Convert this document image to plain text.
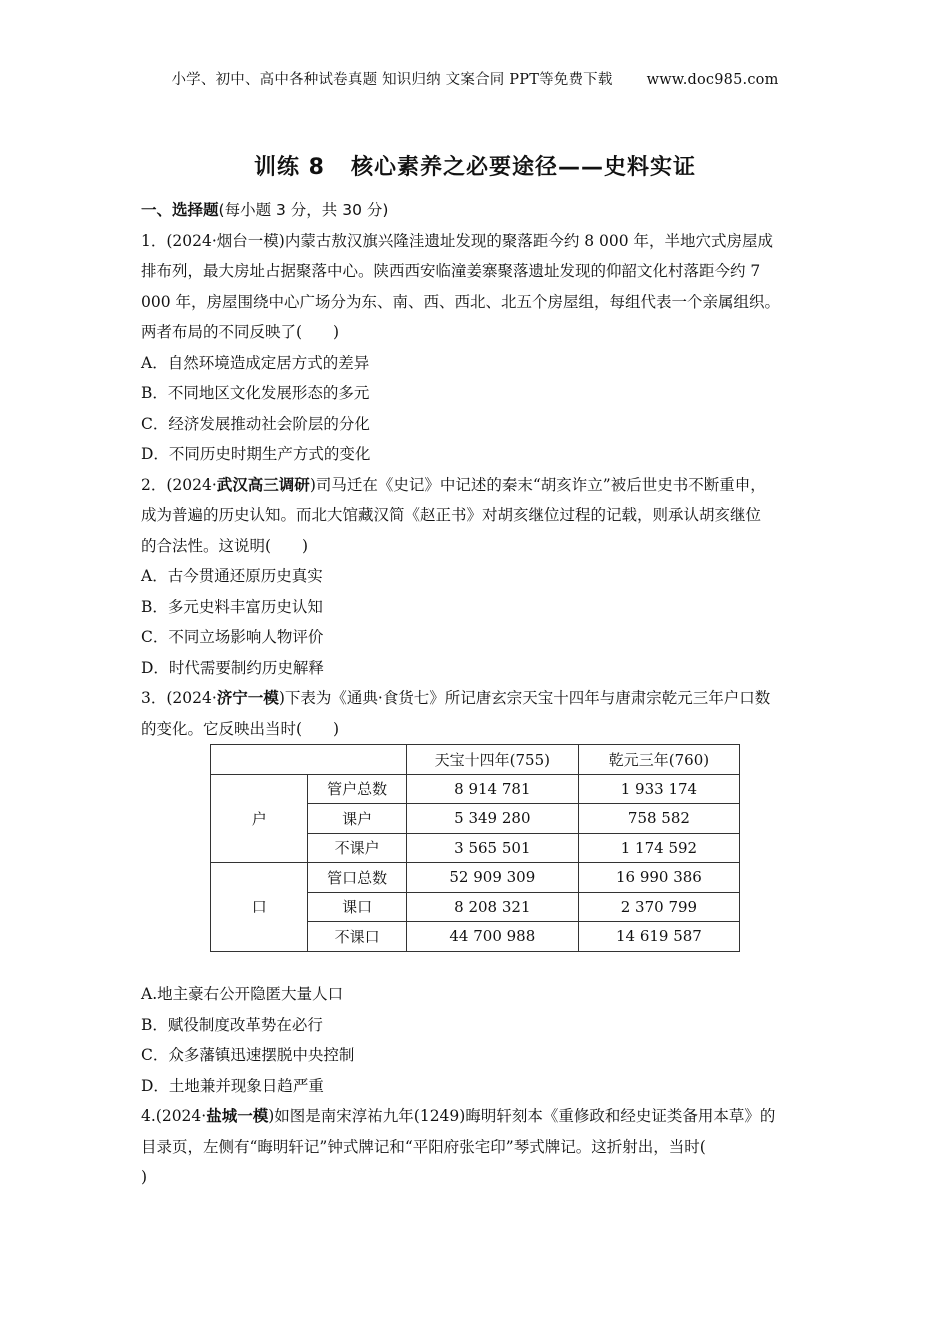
小学、初中、高中各种试卷真题 知识归纳 文案合同 PPT等免费下载 www.doc985.com
训练 8 核心素养之必要途径——史料实证
一、选择题(每小题 3 分，共 30 分)
1．(2024·烟台一模)内蒙古敖汉旗兴隆洼遗址发现的聚落距今约 8 000 年，半地穴式房屋成
排布列，最大房址占据聚落中心。陕西西安临潼姜寨聚落遗址发现的仰韶文化村落距今约 7
000 年，房屋围绕中心广场分为东、南、西、西北、北五个房屋组，每组代表一个亲属组织。
两者布局的不同反映了(　　)
A．自然环境造成定居方式的差异
B．不同地区文化发展形态的多元
C．经济发展推动社会阶层的分化
D．不同历史时期生产方式的变化
2．(2024·武汉高三调研)司马迁在《史记》中记述的秦末“胡亥诈立”被后世史书不断重申，
成为普遍的历史认知。而北大馆藏汉简《赵正书》对胡亥继位过程的记载，则承认胡亥继位
的合法性。这说明(　　)
A．古今贯通还原历史真实
B．多元史料丰富历史认知
C．不同立场影响人物评价
D．时代需要制约历史解释
3．(2024·济宁一模)下表为《通典·食货七》所记唐玄宗天宝十四年与唐肃宗乾元三年户口数
的变化。它反映出当时(　　)
		天宝十四年(755)	乾元三年(760)
户	管户总数	8 914 781	1 933 174
	课户	5 349 280	758 582
	不课户	3 565 501	1 174 592
口	管口总数	52 909 309	16 990 386
	课口	8 208 321	2 370 799
	不课口	44 700 988	14 619 587
A.地主豪右公开隐匿大量人口
B．赋役制度改革势在必行
C．众多藩镇迅速摆脱中央控制
D．土地兼并现象日趋严重
4.(2024·盐城一模)如图是南宋淳祐九年(1249)晦明轩刻本《重修政和经史证类备用本草》的
目录页，左侧有“晦明轩记”钟式牌记和“平阳府张宅印”琴式牌记。这折射出，当时(
)
